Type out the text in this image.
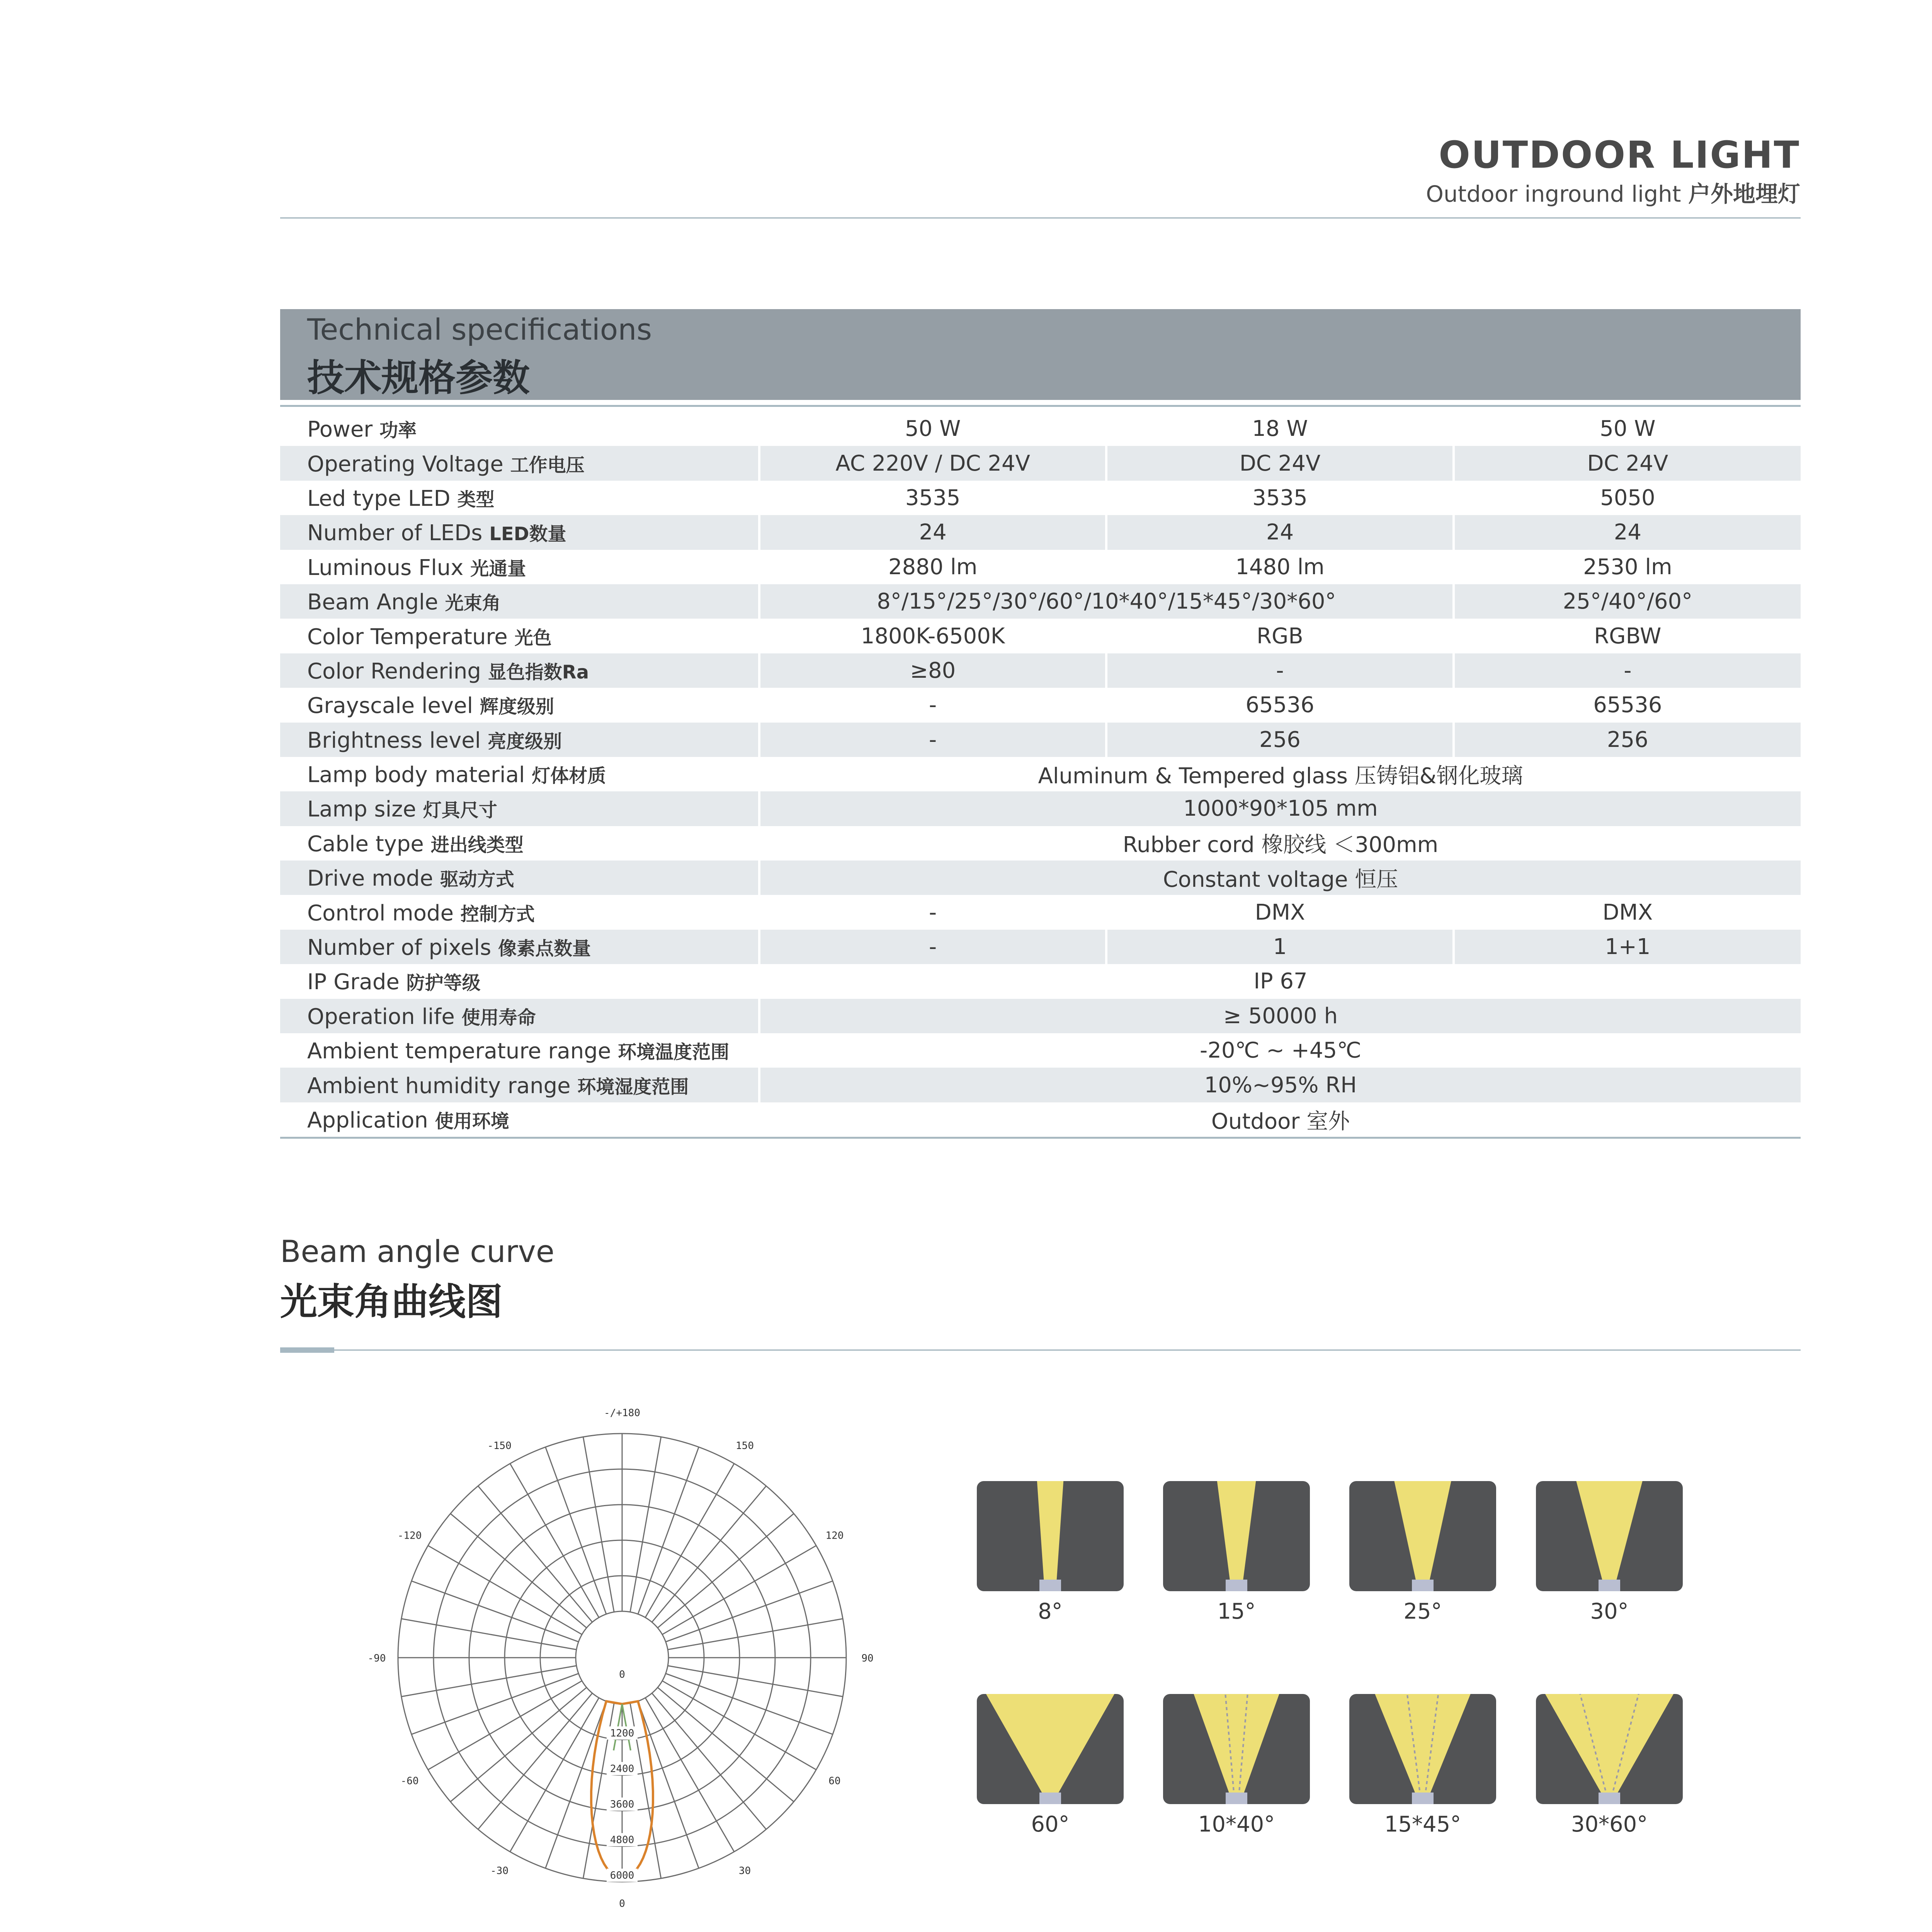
OUTDOOR LIGHT
Outdoor inground light 户外地埋灯
Technical specifications
技术规格参数
Power 功率	50 W	18 W	50 W
Operating Voltage 工作电压	AC 220V / DC 24V	DC 24V	DC 24V
Led type LED 类型	3535	3535	5050
Number of LEDs LED数量	24	24	24
Luminous Flux 光通量	2880 lm	1480 lm	2530 lm
Beam Angle 光束角	8°/15°/25°/30°/60°/10*40°/15*45°/30*60°		25°/40°/60°
Color Temperature 光色	1800K-6500K	RGB	RGBW
Color Rendering 显色指数Ra	≥80	-	-
Grayscale level 辉度级别	-	65536	65536
Brightness level 亮度级别	-	256	256
Lamp body material 灯体材质	Aluminum & Tempered glass 压铸铝&钢化玻璃		
Lamp size 灯具尺寸	1000*90*105 mm		
Cable type 进出线类型	Rubber cord 橡胶线 ＜300mm		
Drive mode 驱动方式	Constant voltage 恒压		
Control mode 控制方式	-	DMX	DMX
Number of pixels 像素点数量	-	1	1+1
IP Grade 防护等级	IP 67		
Operation life 使用寿命	≥ 50000 h		
Ambient temperature range 环境温度范围	-20℃ ~ +45℃		
Ambient humidity range 环境湿度范围	10%~95% RH		
Application 使用环境	Outdoor 室外		
Beam angle curve
光束角曲线图
-/+180
-150	150
-120	120
-90	90
-60	60
-30	30
0
0
1200
2400
3600
4800
6000
8°	15°	25°	30°
60°	10*40°	15*45°	30*60°
